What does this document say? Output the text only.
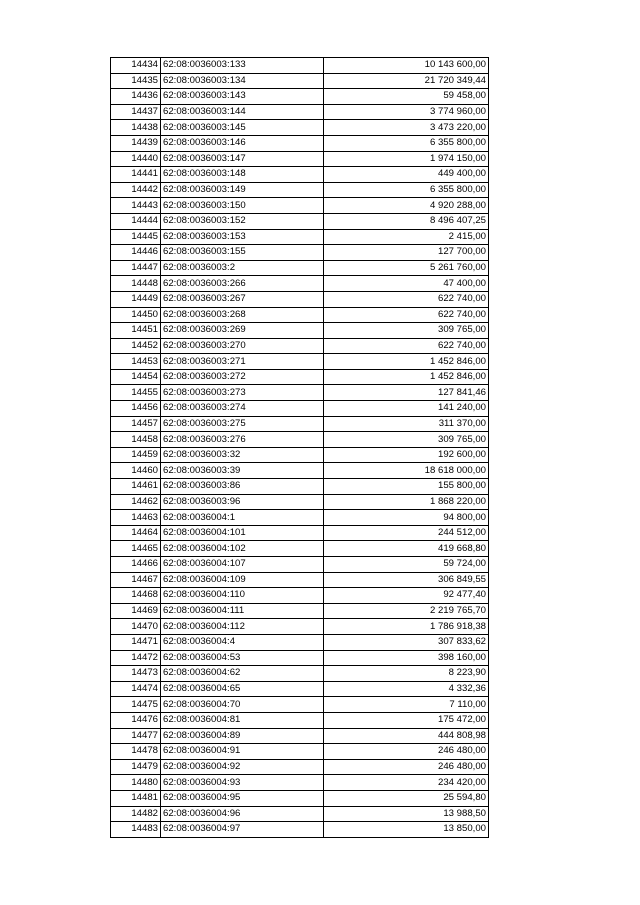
14434	62:08:0036003:133	10 143 600,00
14435	62:08:0036003:134	21 720 349,44
14436	62:08:0036003:143	59 458,00
14437	62:08:0036003:144	3 774 960,00
14438	62:08:0036003:145	3 473 220,00
14439	62:08:0036003:146	6 355 800,00
14440	62:08:0036003:147	1 974 150,00
14441	62:08:0036003:148	449 400,00
14442	62:08:0036003:149	6 355 800,00
14443	62:08:0036003:150	4 920 288,00
14444	62:08:0036003:152	8 496 407,25
14445	62:08:0036003:153	2 415,00
14446	62:08:0036003:155	127 700,00
14447	62:08:0036003:2	5 261 760,00
14448	62:08:0036003:266	47 400,00
14449	62:08:0036003:267	622 740,00
14450	62:08:0036003:268	622 740,00
14451	62:08:0036003:269	309 765,00
14452	62:08:0036003:270	622 740,00
14453	62:08:0036003:271	1 452 846,00
14454	62:08:0036003:272	1 452 846,00
14455	62:08:0036003:273	127 841,46
14456	62:08:0036003:274	141 240,00
14457	62:08:0036003:275	311 370,00
14458	62:08:0036003:276	309 765,00
14459	62:08:0036003:32	192 600,00
14460	62:08:0036003:39	18 618 000,00
14461	62:08:0036003:86	155 800,00
14462	62:08:0036003:96	1 868 220,00
14463	62:08:0036004:1	94 800,00
14464	62:08:0036004:101	244 512,00
14465	62:08:0036004:102	419 668,80
14466	62:08:0036004:107	59 724,00
14467	62:08:0036004:109	306 849,55
14468	62:08:0036004:110	92 477,40
14469	62:08:0036004:111	2 219 765,70
14470	62:08:0036004:112	1 786 918,38
14471	62:08:0036004:4	307 833,62
14472	62:08:0036004:53	398 160,00
14473	62:08:0036004:62	8 223,90
14474	62:08:0036004:65	4 332,36
14475	62:08:0036004:70	7 110,00
14476	62:08:0036004:81	175 472,00
14477	62:08:0036004:89	444 808,98
14478	62:08:0036004:91	246 480,00
14479	62:08:0036004:92	246 480,00
14480	62:08:0036004:93	234 420,00
14481	62:08:0036004:95	25 594,80
14482	62:08:0036004:96	13 988,50
14483	62:08:0036004:97	13 850,00
